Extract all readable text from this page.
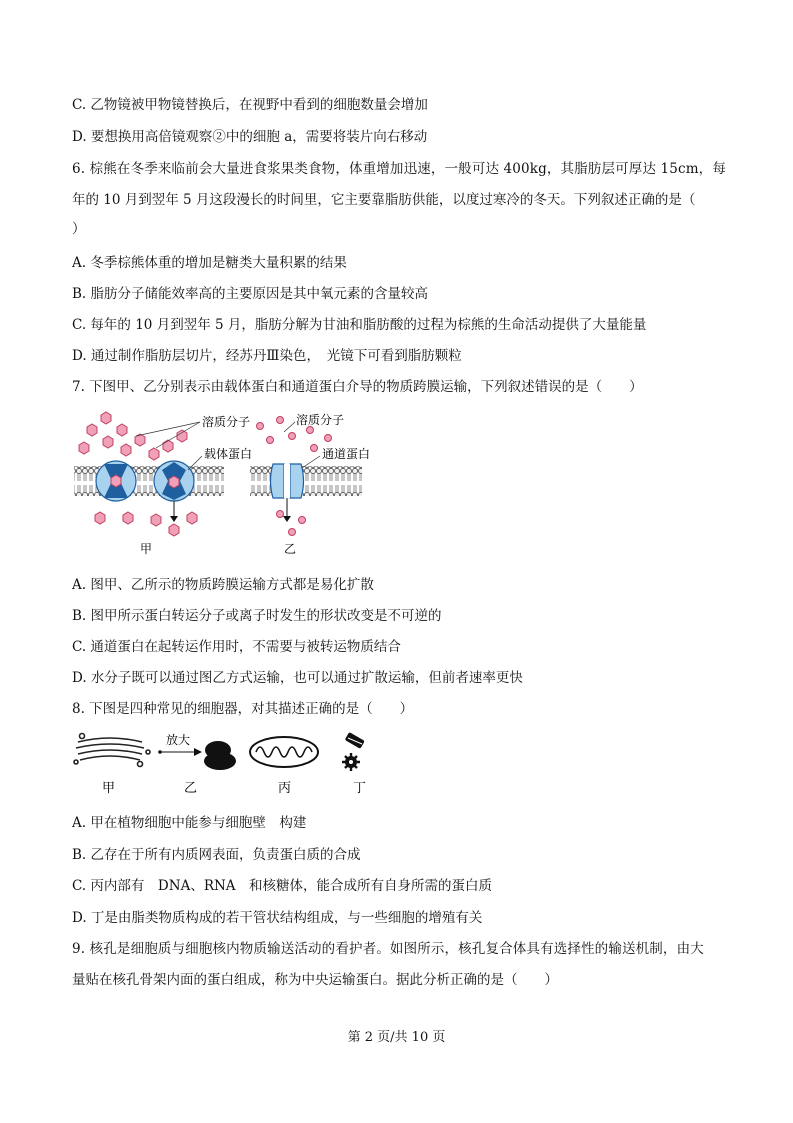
C. 乙物镜被甲物镜替换后，在视野中看到的细胞数量会增加
D. 要想换用高倍镜观察②中的细胞 a，需要将装片向右移动
6. 棕熊在冬季来临前会大量进食浆果类食物，体重增加迅速，一般可达 400kg，其脂肪层可厚达 15cm，每
年的 10 月到翌年 5 月这段漫长的时间里，它主要靠脂肪供能，以度过寒冷的冬天。下列叙述正确的是（
）
A. 冬季棕熊体重的增加是糖类大量积累的结果
B. 脂肪分子储能效率高的主要原因是其中氧元素的含量较高
C. 每年的 10 月到翌年 5 月，脂肪分解为甘油和脂肪酸的过程为棕熊的生命活动提供了大量能量
D. 通过制作脂肪层切片，经苏丹Ⅲ染色，　光镜下可看到脂肪颗粒
7. 下图甲、乙分别表示由载体蛋白和通道蛋白介导的物质跨膜运输，下列叙述错误的是（　　）
溶质分子
载体蛋白
甲
溶质分子
通道蛋白
乙
A. 图甲、乙所示的物质跨膜运输方式都是易化扩散
B. 图甲所示蛋白转运分子或离子时发生的形状改变是不可逆的
C. 通道蛋白在起转运作用时，不需要与被转运物质结合
D. 水分子既可以通过图乙方式运输，也可以通过扩散运输，但前者速率更快
8. 下图是四种常见的细胞器，对其描述正确的是（　　）
放大
甲	乙	丙	丁
A. 甲在植物细胞中能参与细胞壁　构建
B. 乙存在于所有内质网表面，负责蛋白质的合成
C. 丙内部有　DNA、RNA　和核糖体，能合成所有自身所需的蛋白质
D. 丁是由脂类物质构成的若干管状结构组成，与一些细胞的增殖有关
9. 核孔是细胞质与细胞核内物质输送活动的看护者。如图所示，核孔复合体具有选择性的输送机制，由大
量贴在核孔骨架内面的蛋白组成，称为中央运输蛋白。据此分析正确的是（　　）
第 2 页/共 10 页
